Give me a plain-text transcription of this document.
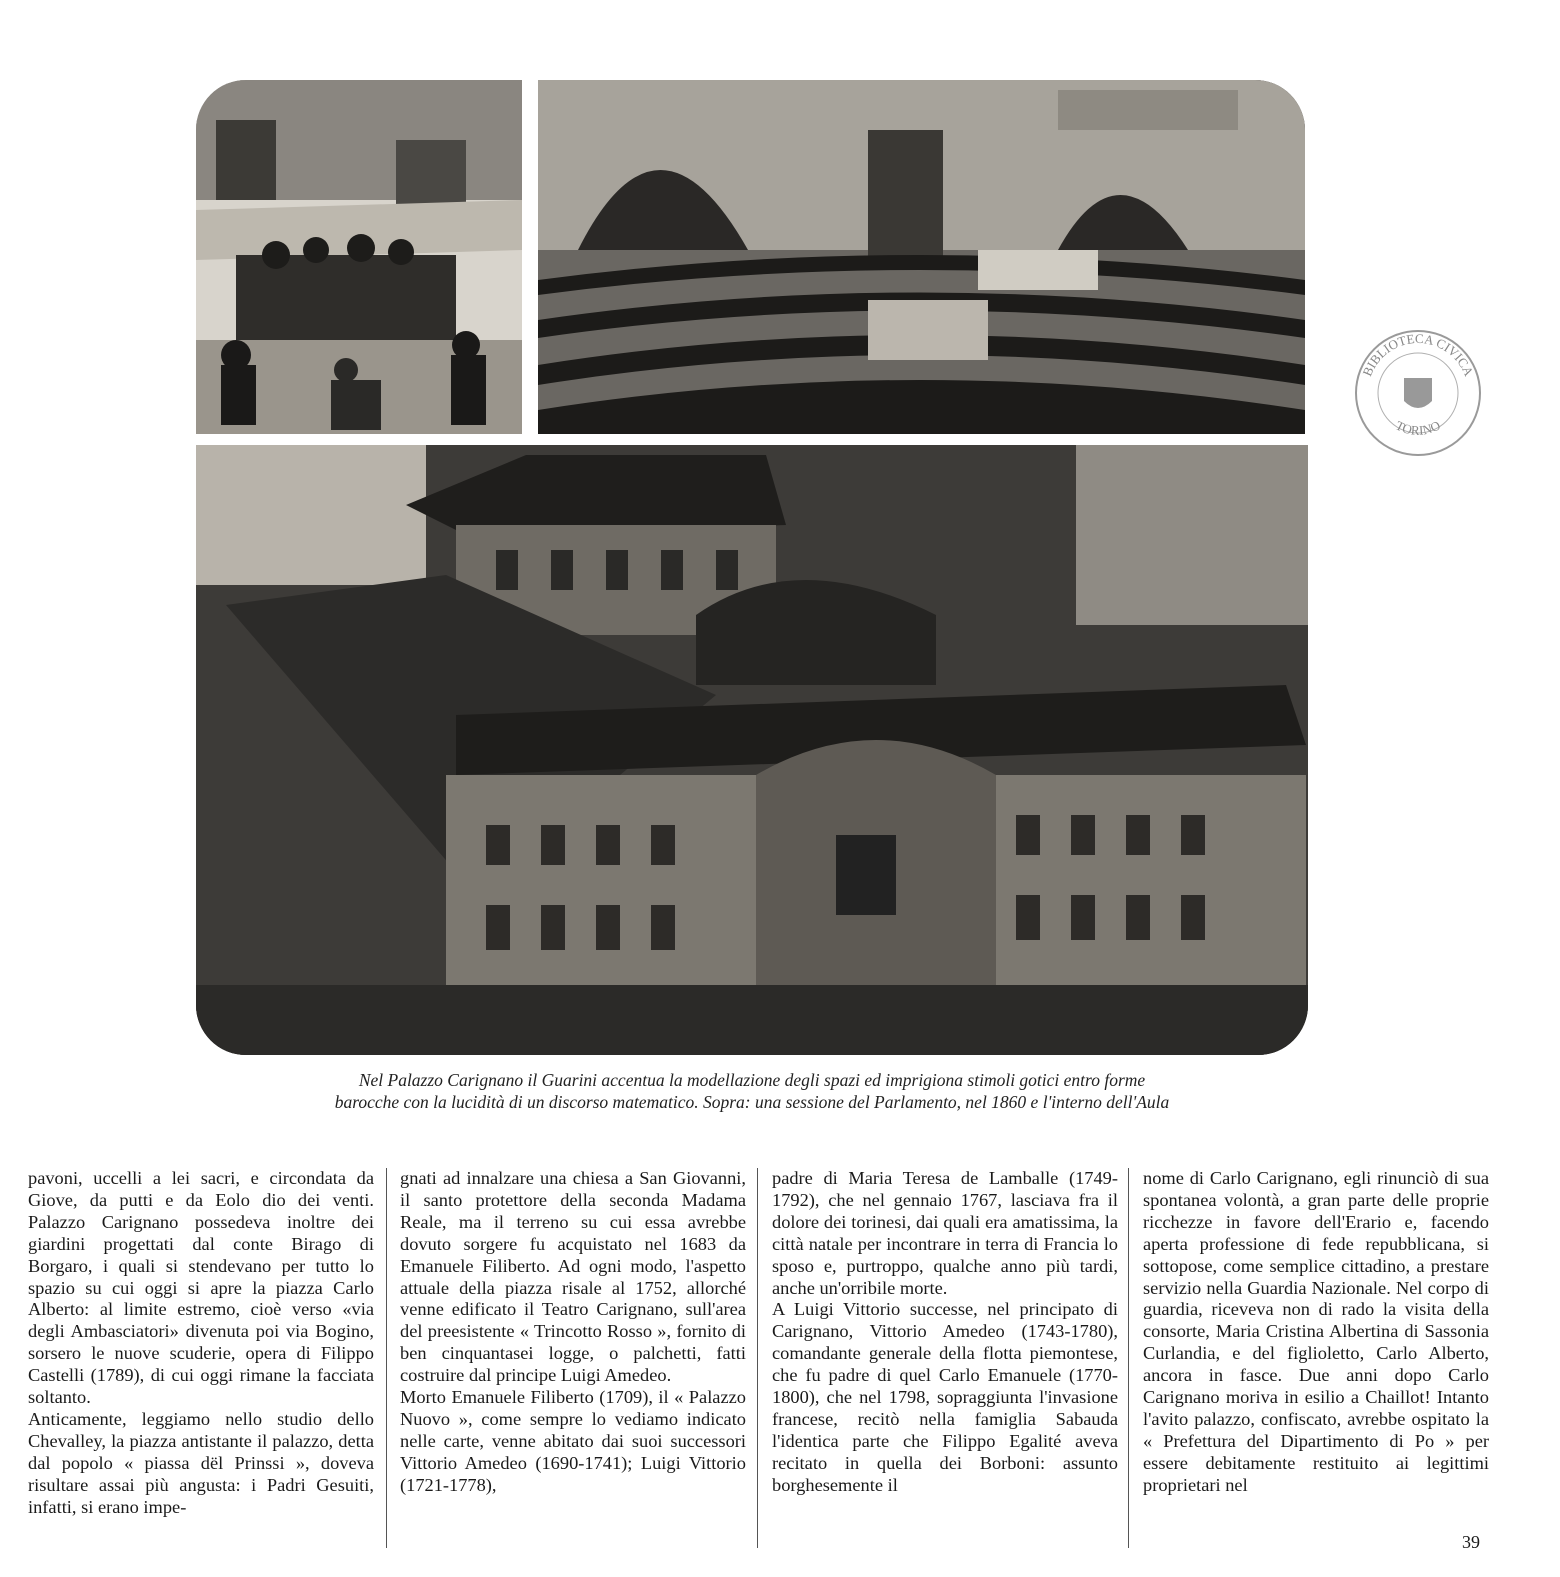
BIBLIOTECA CIVICA
TORINO
Nel Palazzo Carignano il Guarini accentua la modellazione degli spazi ed imprigiona stimoli gotici entro forme
barocche con la lucidità di un discorso matematico. Sopra: una sessione del Parlamento, nel 1860 e l'interno dell'Aula
pavoni, uccelli a lei sacri, e circondata da Giove, da putti e da Eolo dio dei venti. Palazzo Carignano possedeva inoltre dei giardini progettati dal conte Birago di Borgaro, i quali si stendevano per tutto lo spazio su cui oggi si apre la piazza Carlo Alberto: al limite estremo, cioè verso «via degli Ambasciatori» divenuta poi via Bogino, sorsero le nuove scuderie, opera di Filippo Castelli (1789), di cui oggi rimane la facciata soltanto.
Anticamente, leggiamo nello studio dello Chevalley, la piazza antistante il palazzo, detta dal popolo « piassa dël Prinssi », doveva risultare assai più angusta: i Padri Gesuiti, infatti, si erano impe-
gnati ad innalzare una chiesa a San Giovanni, il santo protettore della seconda Madama Reale, ma il terreno su cui essa avrebbe dovuto sorgere fu acquistato nel 1683 da Emanuele Filiberto. Ad ogni modo, l'aspetto attuale della piazza risale al 1752, allorché venne edificato il Teatro Carignano, sull'area del preesistente « Trincotto Rosso », fornito di ben cinquantasei logge, o palchetti, fatti costruire dal principe Luigi Amedeo.
Morto Emanuele Filiberto (1709), il « Palazzo Nuovo », come sempre lo vediamo indicato nelle carte, venne abitato dai suoi successori Vittorio Amedeo (1690-1741); Luigi Vittorio (1721-1778),
padre di Maria Teresa de Lamballe (1749-1792), che nel gennaio 1767, lasciava fra il dolore dei torinesi, dai quali era amatissima, la città natale per incontrare in terra di Francia lo sposo e, purtroppo, qualche anno più tardi, anche un'orribile morte.
A Luigi Vittorio successe, nel principato di Carignano, Vittorio Amedeo (1743-1780), comandante generale della flotta piemontese, che fu padre di quel Carlo Emanuele (1770-1800), che nel 1798, sopraggiunta l'invasione francese, recitò nella famiglia Sabauda l'identica parte che Filippo Egalité aveva recitato in quella dei Borboni: assunto borghesemente il
nome di Carlo Carignano, egli rinunciò di sua spontanea volontà, a gran parte delle proprie ricchezze in favore dell'Erario e, facendo aperta professione di fede repubblicana, si sottopose, come semplice cittadino, a prestare servizio nella Guardia Nazionale. Nel corpo di guardia, riceveva non di rado la visita della consorte, Maria Cristina Albertina di Sassonia Curlandia, e del figlioletto, Carlo Alberto, ancora in fasce. Due anni dopo Carlo Carignano moriva in esilio a Chaillot! Intanto l'avito palazzo, confiscato, avrebbe ospitato la « Prefettura del Dipartimento di Po » per essere debitamente restituito ai legittimi proprietari nel
39
